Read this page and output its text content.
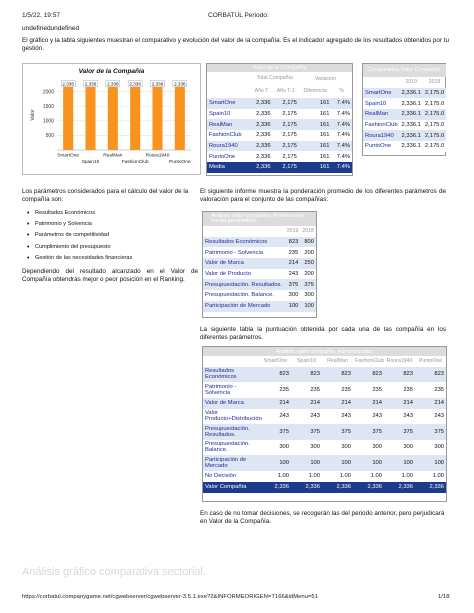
1/5/22, 19:57	CORBATUL Periodo:
undefinedundefined
El gráfico y la tabla siguientes muestran el comparativo y evolución del valor de la compañía. Es el indicador agregado de los resultados obtenidos por tu gestión.
Valor de la Compañía
2000
1500
1000
500
Valor
2,336
SmartOne
2,336
Spain10
2,336
RealMan
2,336
FashionClub
2,336
Roura1940
2,336
PuntoOne
Valor de la Compañía				
	Total Compañía		Variación	
	Año T	Año T-1	Diferencia	%
SmartOne	2,336	2,175	161	7.4%
Spain10	2,336	2,175	161	7.4%
RealMan	2,336	2,175	161	7.4%
FashionClub	2,336	2,175	161	7.4%
Roura1940	2,336	2,175	161	7.4%
PuntoOne	2,336	2,175	161	7.4%
Media	2,336	2,175	161	7.4%
Comparativa Valor Compañía.		
	2019	2018
SmartOne	2,336.1	2,175.0
Spain10	2,336.1	2,175.0
RealMan	2,336.1	2,175.0
FashionClub	2,336.1	2,175.0
Roura1940	2,336.1	2,175.0
PuntoOne	2,336.1	2,175.0
Los parámetros considerados para el cálculo del valor de la compañía son:
• Resultados Económicos
• Patrimonio y Solvencia
• Parámetros de competitividad
• Cumplimiento del presupuesto
• Gestión de las necesidades financieras
Dependiendo del resultado alcanzado en el Valor de Compañía obtendrás mejor o peor posición en el Ranking.
El siguiente informe muestra la ponderación promedio de los diferentes parámetros de valoración para el conjunto de las compañías:
Análisis valor compañía. Ponderación media parámetros.		
	2019	2018
Resultados Económicos	823	800
Patrimonio - Solvencia	235	200
Valor de Marca	214	250
Valor de Producto	243	200
Presupuestación. Resultados.	375	375
Presupuestación. Balance.	300	300
Participación de Mercado	100	100
La siguiente tabla la puntuación obtenida por cada una de las compañía en los diferentes parámetros.
Análisis valor compañía. Administrador.						
	SmartOne	Spain10	RealMan	FashionClub	Roura1940	PuntoOne
Resultados Económicos	823	823	823	823	823	823
Patrimonio - Solvencia	235	235	235	235	235	235
Valor de Marca	214	214	214	214	214	214
Valor Producto+Distribución	243	243	243	243	243	243
Presupuestación. Resultados.	375	375	375	375	375	375
Presupuestación. Balance.	300	300	300	300	300	300
Participación de Mercado	100	100	100	100	100	100
No Decisión	1.00	1.00	1.00	1.00	1.00	1.00
Valor Compañía	2,336	2,336	2,336	2,336	2,336	2,336
En caso de no tomar decisiones, se recogerán las del periodo anterior, pero perjudicará en Valor de la Compañía.
Análisis gráfico comparativa sectorial.
https://corbatul.companygame.net/cgwebserver/cgwebserver-3.5.1.exe?2&INFORMEORIGEN=T166&idMenu=51	1/18
